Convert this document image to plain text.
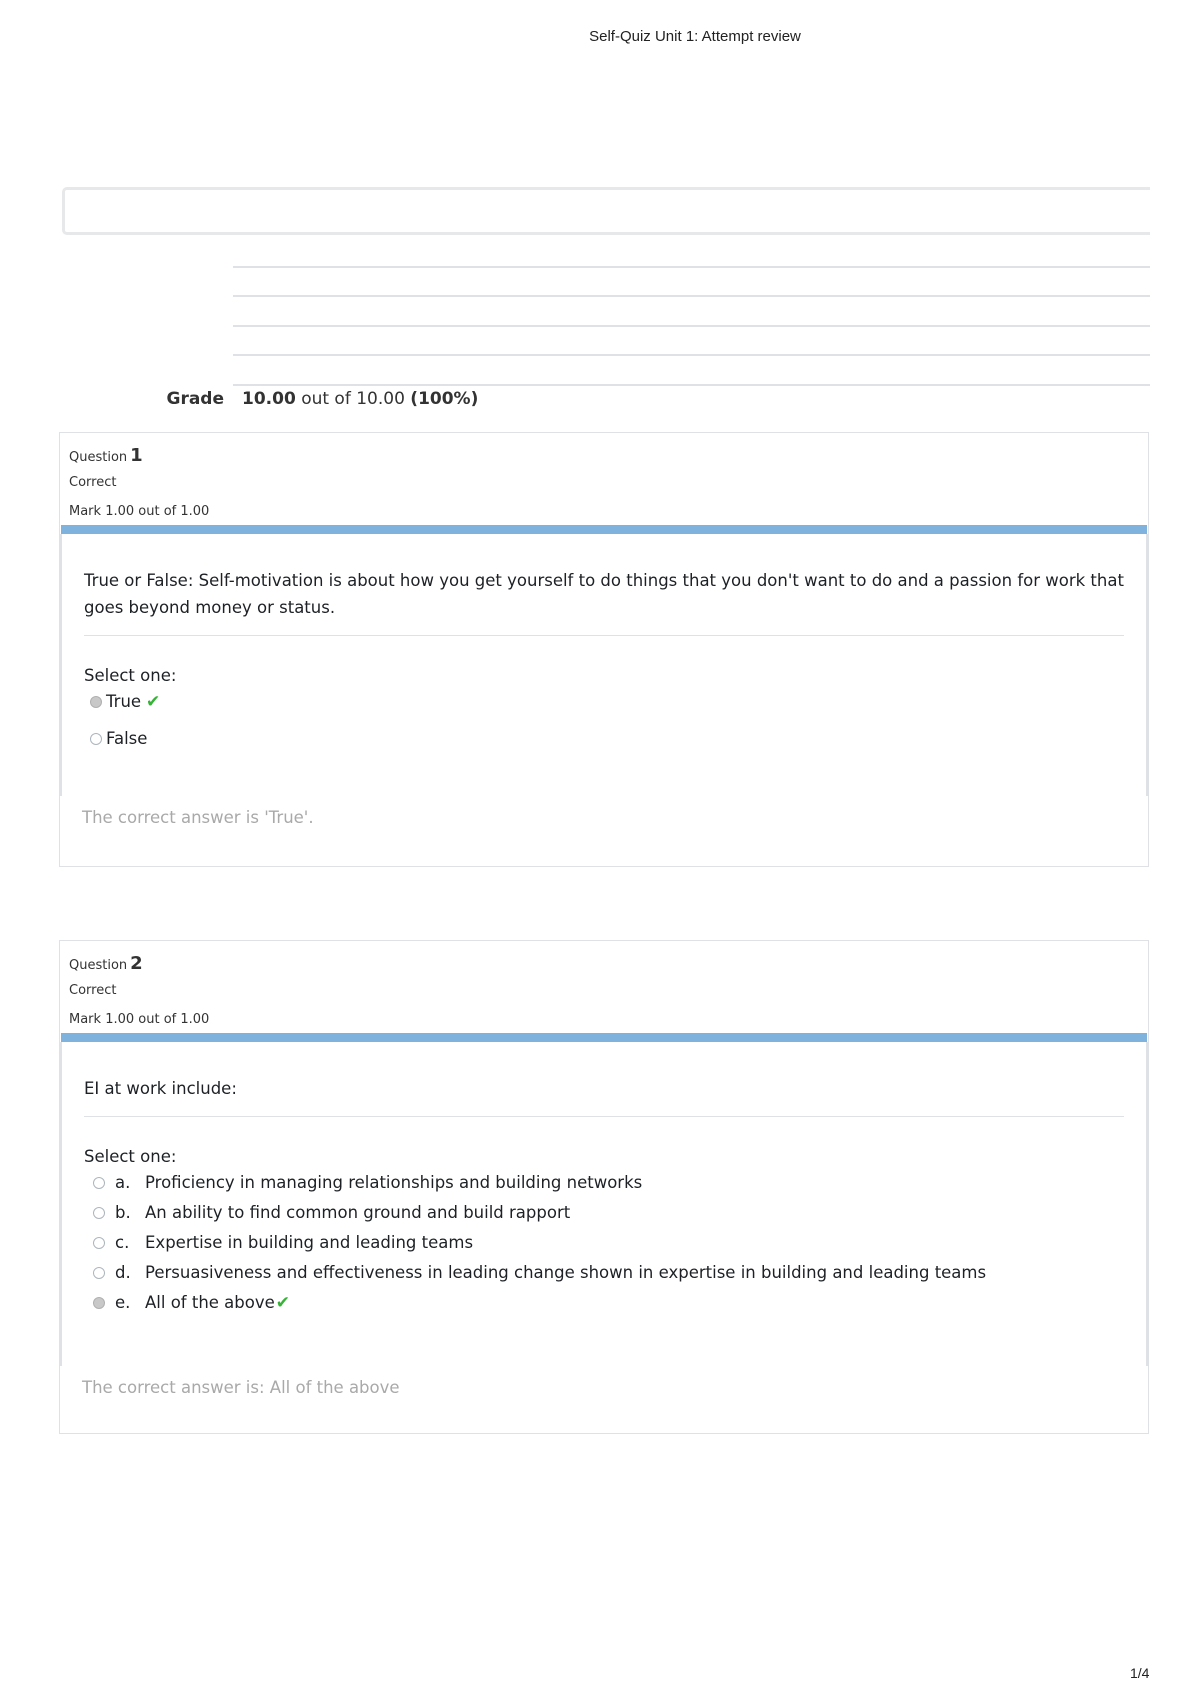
Self-Quiz Unit 1: Attempt review
Grade 10.00 out of 10.00 (100%)
Question 1
Correct
Mark 1.00 out of 1.00
True or False: Self-motivation is about how you get yourself to do things that you don't want to do and a passion for work that goes beyond money or status.
Select one:
True ✔
False
The correct answer is 'True'.
Question 2
Correct
Mark 1.00 out of 1.00
EI at work include:
Select one:
a. Proficiency in managing relationships and building networks
b. An ability to find common ground and build rapport
c. Expertise in building and leading teams
d. Persuasiveness and effectiveness in leading change shown in expertise in building and leading teams
e. All of the above ✔
The correct answer is: All of the above
1/4
